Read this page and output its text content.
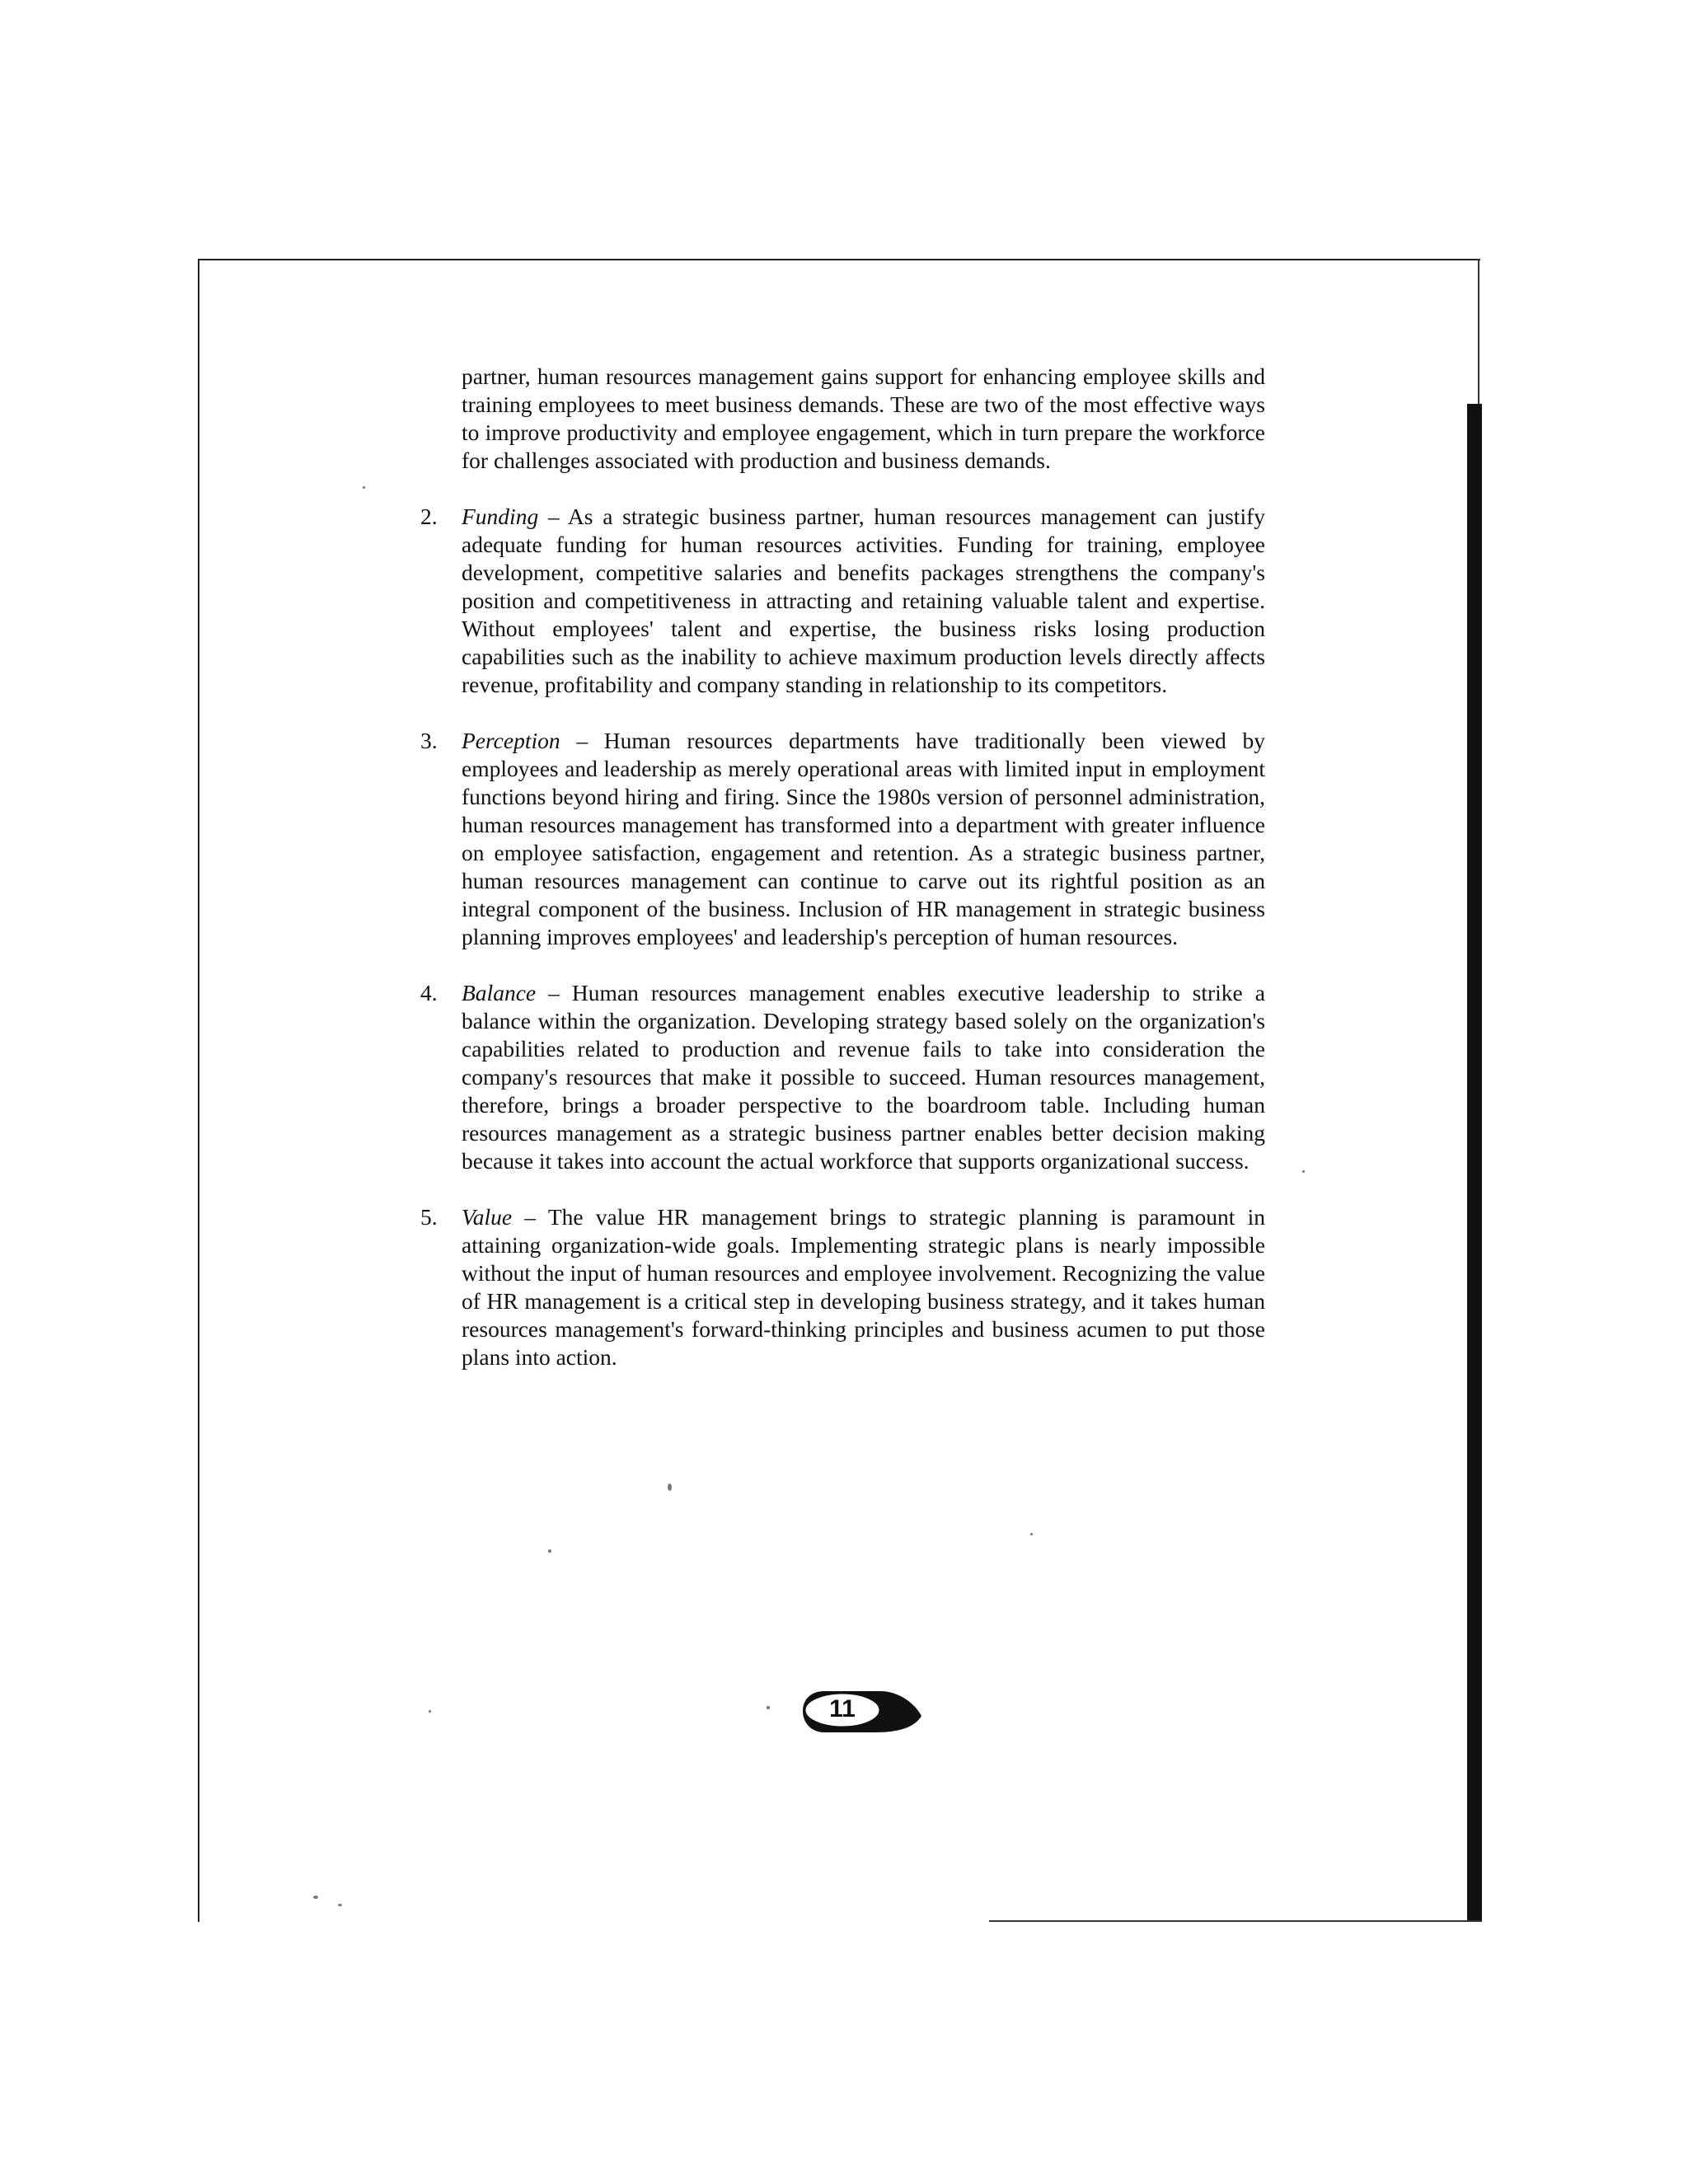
partner, human resources management gains support for enhancing employee skills and training employees to meet business demands. These are two of the most effective ways to improve productivity and employee engagement, which in turn prepare the workforce for challenges associated with production and business demands.

2. Funding – As a strategic business partner, human resources management can justify adequate funding for human resources activities. Funding for training, employee development, competitive salaries and benefits packages strengthens the company's position and competitiveness in attracting and retaining valuable talent and expertise. Without employees' talent and expertise, the business risks losing production capabilities such as the inability to achieve maximum production levels directly affects revenue, profitability and company standing in relationship to its competitors.

3. Perception – Human resources departments have traditionally been viewed by employees and leadership as merely operational areas with limited input in employment functions beyond hiring and firing. Since the 1980s version of personnel administration, human resources management has transformed into a department with greater influence on employee satisfaction, engagement and retention. As a strategic business partner, human resources management can continue to carve out its rightful position as an integral component of the business. Inclusion of HR management in strategic business planning improves employees' and leadership's perception of human resources.

4. Balance – Human resources management enables executive leadership to strike a balance within the organization. Developing strategy based solely on the organization's capabilities related to production and revenue fails to take into consideration the company's resources that make it possible to succeed. Human resources management, therefore, brings a broader perspective to the boardroom table. Including human resources management as a strategic business partner enables better decision making because it takes into account the actual workforce that supports organizational success.

5. Value – The value HR management brings to strategic planning is paramount in attaining organization-wide goals. Implementing strategic plans is nearly impossible without the input of human resources and employee involvement. Recognizing the value of HR management is a critical step in developing business strategy, and it takes human resources management's forward-thinking principles and business acumen to put those plans into action.

11
